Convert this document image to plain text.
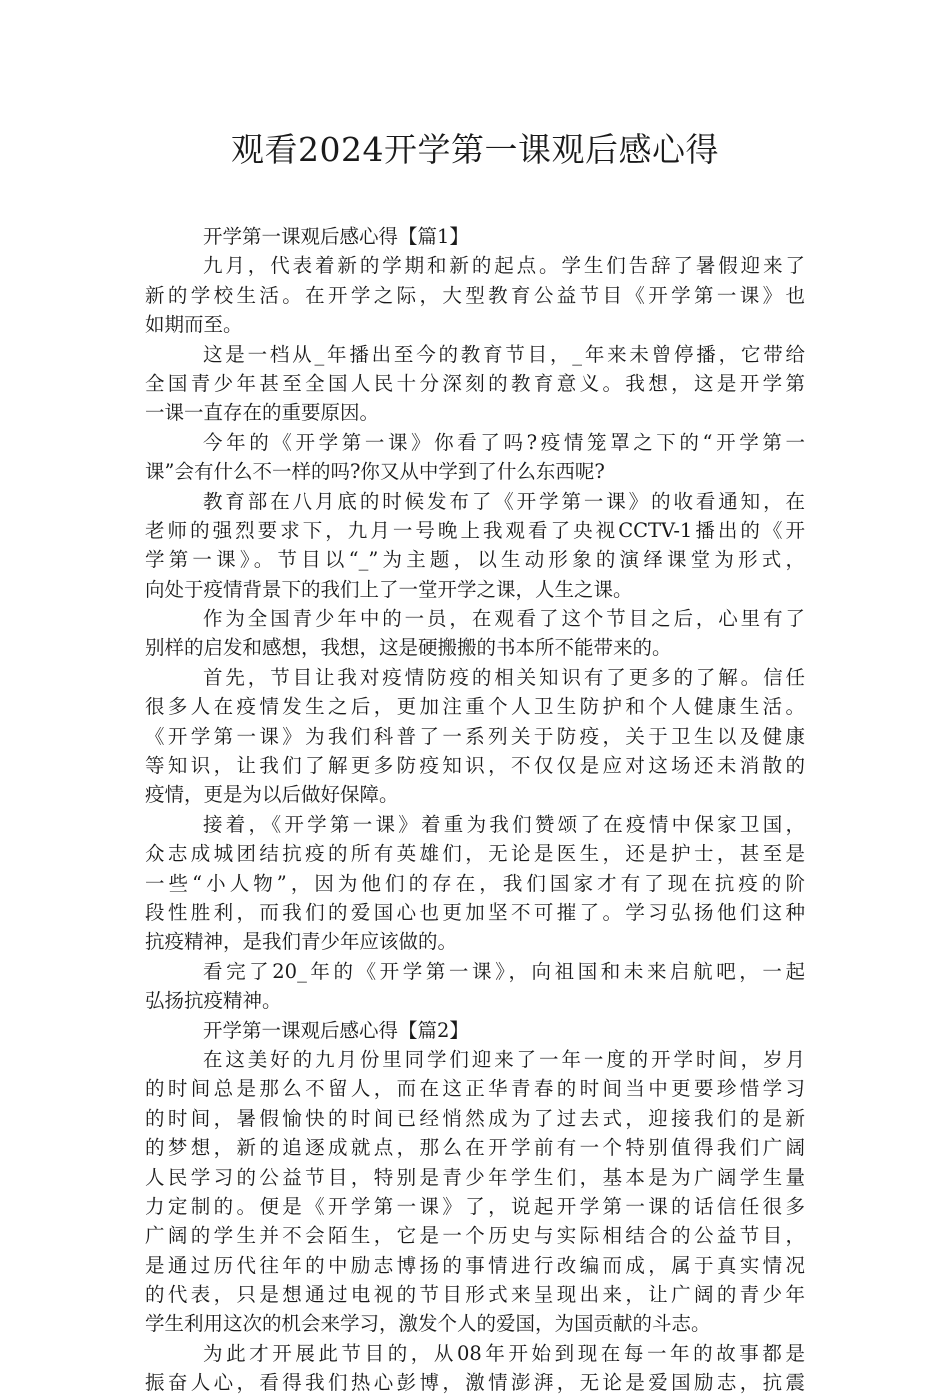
观看2024开学第一课观后感心得
开学第一课观后感心得【篇1】
九月，代表着新的学期和新的起点。学生们告辞了暑假迎来了
新的学校生活。在开学之际，大型教育公益节目《开学第一课》也
如期而至。
这是一档从_年播出至今的教育节目，_年来未曾停播，它带给
全国青少年甚至全国人民十分深刻的教育意义。我想，这是开学第
一课一直存在的重要原因。
今年的《开学第一课》你看了吗?疫情笼罩之下的“开学第一
课”会有什么不一样的吗?你又从中学到了什么东西呢?
教育部在八月底的时候发布了《开学第一课》的收看通知，在
老师的强烈要求下，九月一号晚上我观看了央视CCTV-1播出的《开
学第一课》。节目以“_”为主题，以生动形象的演绎课堂为形式，
向处于疫情背景下的我们上了一堂开学之课，人生之课。
作为全国青少年中的一员，在观看了这个节目之后，心里有了
别样的启发和感想，我想，这是硬搬搬的书本所不能带来的。
首先，节目让我对疫情防疫的相关知识有了更多的了解。信任
很多人在疫情发生之后，更加注重个人卫生防护和个人健康生活。
《开学第一课》为我们科普了一系列关于防疫，关于卫生以及健康
等知识，让我们了解更多防疫知识，不仅仅是应对这场还未消散的
疫情，更是为以后做好保障。
接着，《开学第一课》着重为我们赞颂了在疫情中保家卫国，
众志成城团结抗疫的所有英雄们，无论是医生，还是护士，甚至是
一些“小人物”，因为他们的存在，我们国家才有了现在抗疫的阶
段性胜利，而我们的爱国心也更加坚不可摧了。学习弘扬他们这种
抗疫精神，是我们青少年应该做的。
看完了20_年的《开学第一课》，向祖国和未来启航吧，一起
弘扬抗疫精神。
开学第一课观后感心得【篇2】
在这美好的九月份里同学们迎来了一年一度的开学时间，岁月
的时间总是那么不留人，而在这正华青春的时间当中更要珍惜学习
的时间，暑假愉快的时间已经悄然成为了过去式，迎接我们的是新
的梦想，新的追逐成就点，那么在开学前有一个特别值得我们广阔
人民学习的公益节目，特别是青少年学生们，基本是为广阔学生量
力定制的。便是《开学第一课》了，说起开学第一课的话信任很多
广阔的学生并不会陌生，它是一个历史与实际相结合的公益节目，
是通过历代往年的中励志博扬的事情进行改编而成，属于真实情况
的代表，只是想通过电视的节目形式来呈现出来，让广阔的青少年
学生利用这次的机会来学习，激发个人的爱国，为国贡献的斗志。
为此才开展此节目的，从08年开始到现在每一年的故事都是
振奋人心，看得我们热心彭博，激情澎湃，无论是爱国励志，抗震
